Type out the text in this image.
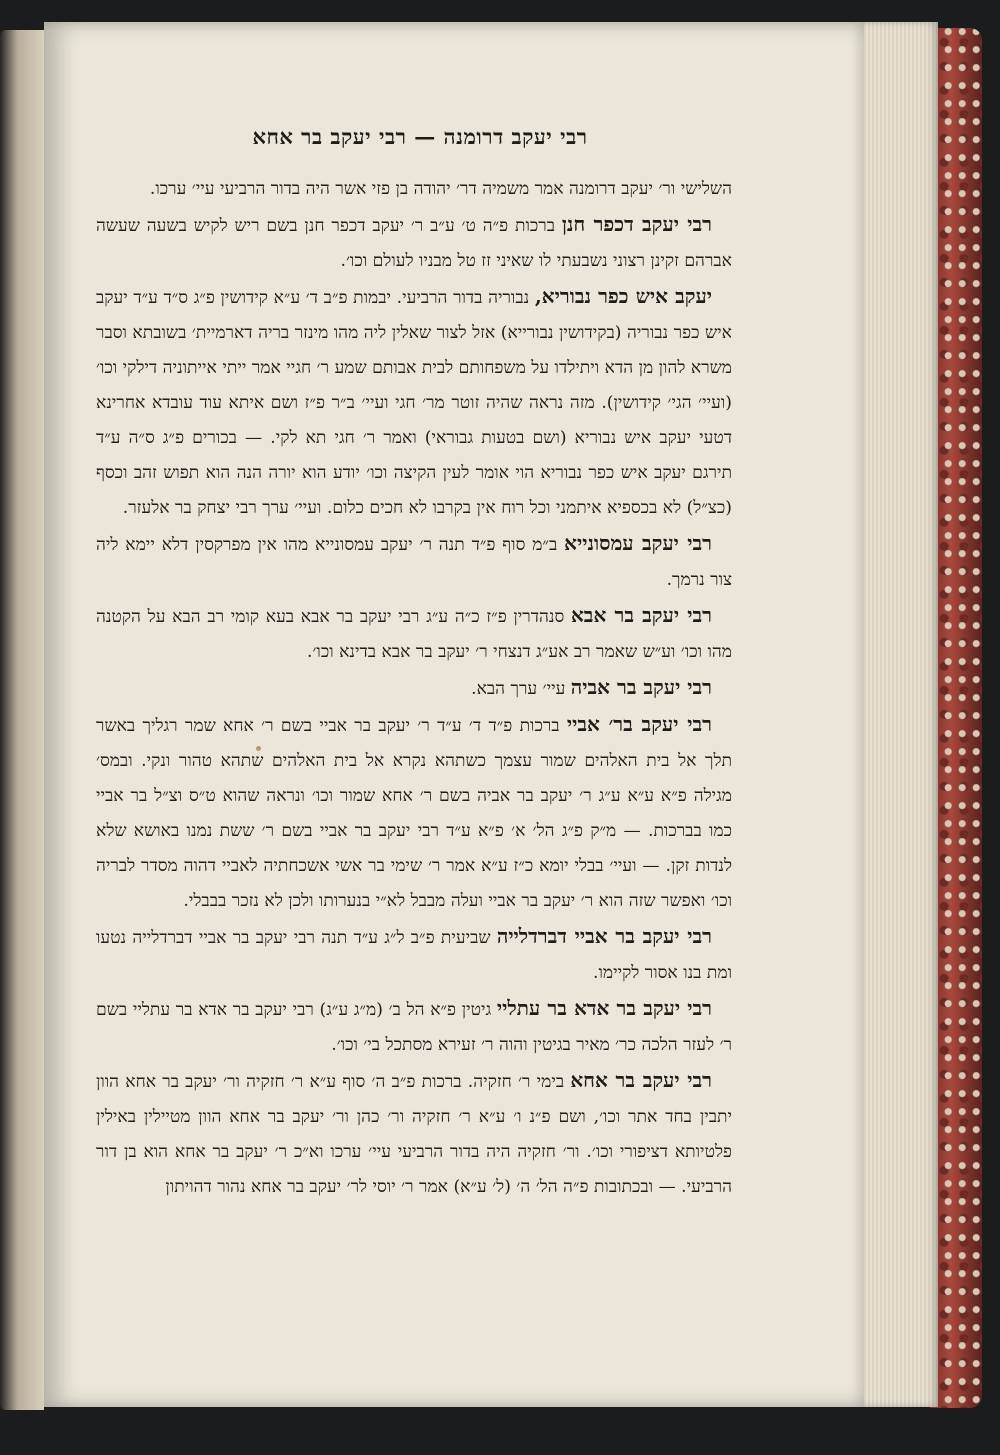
רבי יעקב דרומנה — רבי יעקב בר אחא

השלישי ור׳ יעקב דרומנה אמר משמיה דר׳ יהודה בן פזי אשר היה בדור הרביעי עיי׳ ערכו.

רבי יעקב דכפר חנן ברכות פ״ה ט׳ ע״ב ר׳ יעקב דכפר חנן בשם ריש לקיש בשעה שעשה אברהם זקינן רצוני נשבעתי לו שאיני זז טל מבניו לעולם וכו׳.

יעקב איש כפר נבוריא, נבוריה בדור הרביעי. יבמות פ״ב ד׳ ע״א קידושין פ״ג ס״ד ע״ד יעקב איש כפר נבוריה (בקידושין נבורייא) אזל לצור שאלין ליה מהו מינזר בריה דארמיית׳ בשובתא וסבר משרא להון מן הדא ויתילדו על משפחותם לבית אבותם שמע ר׳ חגיי אמר ייתי אייתוניה דילקי וכו׳ (ועיי׳ הגי׳ קידושין). מזה נראה שהיה זוטר מר׳ חגי ועיי׳ ב״ר פ״ז ושם איתא עוד עובדא אחרינא דטעי יעקב איש נבוריא (ושם בטעות גבוראי) ואמר ר׳ חגי תא לקי. — בכורים פ״ג ס״ה ע״ד תירגם יעקב איש כפר נבוריא הוי אומר לעין הקיצה וכו׳ יודע הוא יורה הנה הוא תפוש זהב וכסף (כצ״ל) לא בכספיא איתמני וכל רוח אין בקרבו לא חכים כלום. ועיי׳ ערך רבי יצחק בר אלעזר.

רבי יעקב עמסונייא ב״מ סוף פ״ד תנה ר׳ יעקב עמסונייא מהו אין מפרקסין דלא יימא ליה צור נרמך.

רבי יעקב בר אבא סנהדרין פ״ז כ״ה ע״ג רבי יעקב בר אבא בעא קומי רב הבא על הקטנה מהו וכו׳ וע״ש שאמר רב אע״ג דנצחי ר׳ יעקב בר אבא בדינא וכו׳.

רבי יעקב בר אביה עיי׳ ערך הבא.

רבי יעקב בר׳ אביי ברכות פ״ד ד׳ ע״ד ר׳ יעקב בר אביי בשם ר׳ אחא שמר רגליך באשר תלך אל בית האלהים שמור עצמך כשתהא נקרא אל בית האלהים שתהא טהור ונקי. ובמס׳ מגילה פ״א ע״א ע״ג ר׳ יעקב בר אביה בשם ר׳ אחא שמור וכו׳ ונראה שהוא ט״ס וצ״ל בר אביי כמו בברכות. — מ״ק פ״ג הל׳ א׳ פ״א ע״ד רבי יעקב בר אביי בשם ר׳ ששת נמנו באושא שלא לנדות זקן. — ועיי׳ בבלי יומא כ״ז ע״א אמר ר׳ שימי בר אשי אשכחתיה לאביי דהוה מסדר לבריה וכו׳ ואפשר שזה הוא ר׳ יעקב בר אביי ועלה מבבל לא״י בנערותו ולכן לא נזכר בבבלי.

רבי יעקב בר אביי דברדלייה שביעית פ״ב ל״ג ע״ד תנה רבי יעקב בר אביי דברדלייה נטעו ומת בנו אסור לקיימו.

רבי יעקב בר אדא בר עתליי גיטין פ״א הל ב׳ (מ״ג ע״ג) רבי יעקב בר אדא בר עתליי בשם ר׳ לעזר הלכה כר׳ מאיר בגיטין והוה ר׳ זעירא מסתכל בי׳ וכו׳.

רבי יעקב בר אחא בימי ר׳ חזקיה. ברכות פ״ב ה׳ סוף ע״א ר׳ חזקיה ור׳ יעקב בר אחא הוון יתבין בחד אתר וכו׳, ושם פ״נ ו׳ ע״א ר׳ חזקיה ור׳ כהן ור׳ יעקב בר אחא הוון מטיילין באילין פלטיותא דציפורי וכו׳. ור׳ חזקיה היה בדור הרביעי עיי׳ ערכו וא״כ ר׳ יעקב בר אחא הוא בן דור הרביעי. — ובכתובות פ״ה הל׳ ה׳ (ל׳ ע״א) אמר ר׳ יוסי לר׳ יעקב בר אחא נהור דהויתון
